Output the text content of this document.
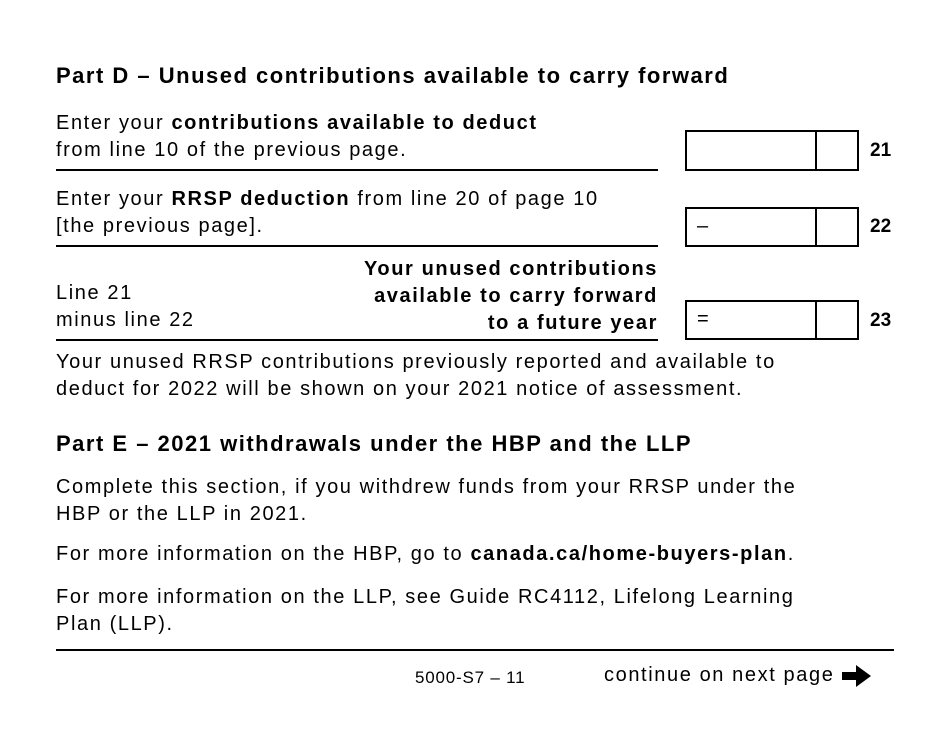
Part D – Unused contributions available to carry forward
Enter your contributions available to deduct
from line 10 of the previous page.	21
Enter your RRSP deduction from line 20 of page 10
[the previous page].	–	22
Line 21
minus line 22
Your unused contributions
available to carry forward
to a future year =	23
Your unused RRSP contributions previously reported and available to
deduct for 2022 will be shown on your 2021 notice of assessment.
Part E – 2021 withdrawals under the HBP and the LLP
Complete this section, if you withdrew funds from your RRSP under the
HBP or the LLP in 2021.
For more information on the HBP, go to canada.ca/home-buyers-plan.
For more information on the LLP, see Guide RC4112, Lifelong Learning
Plan (LLP).
5000-S7 – 11	continue on next page
